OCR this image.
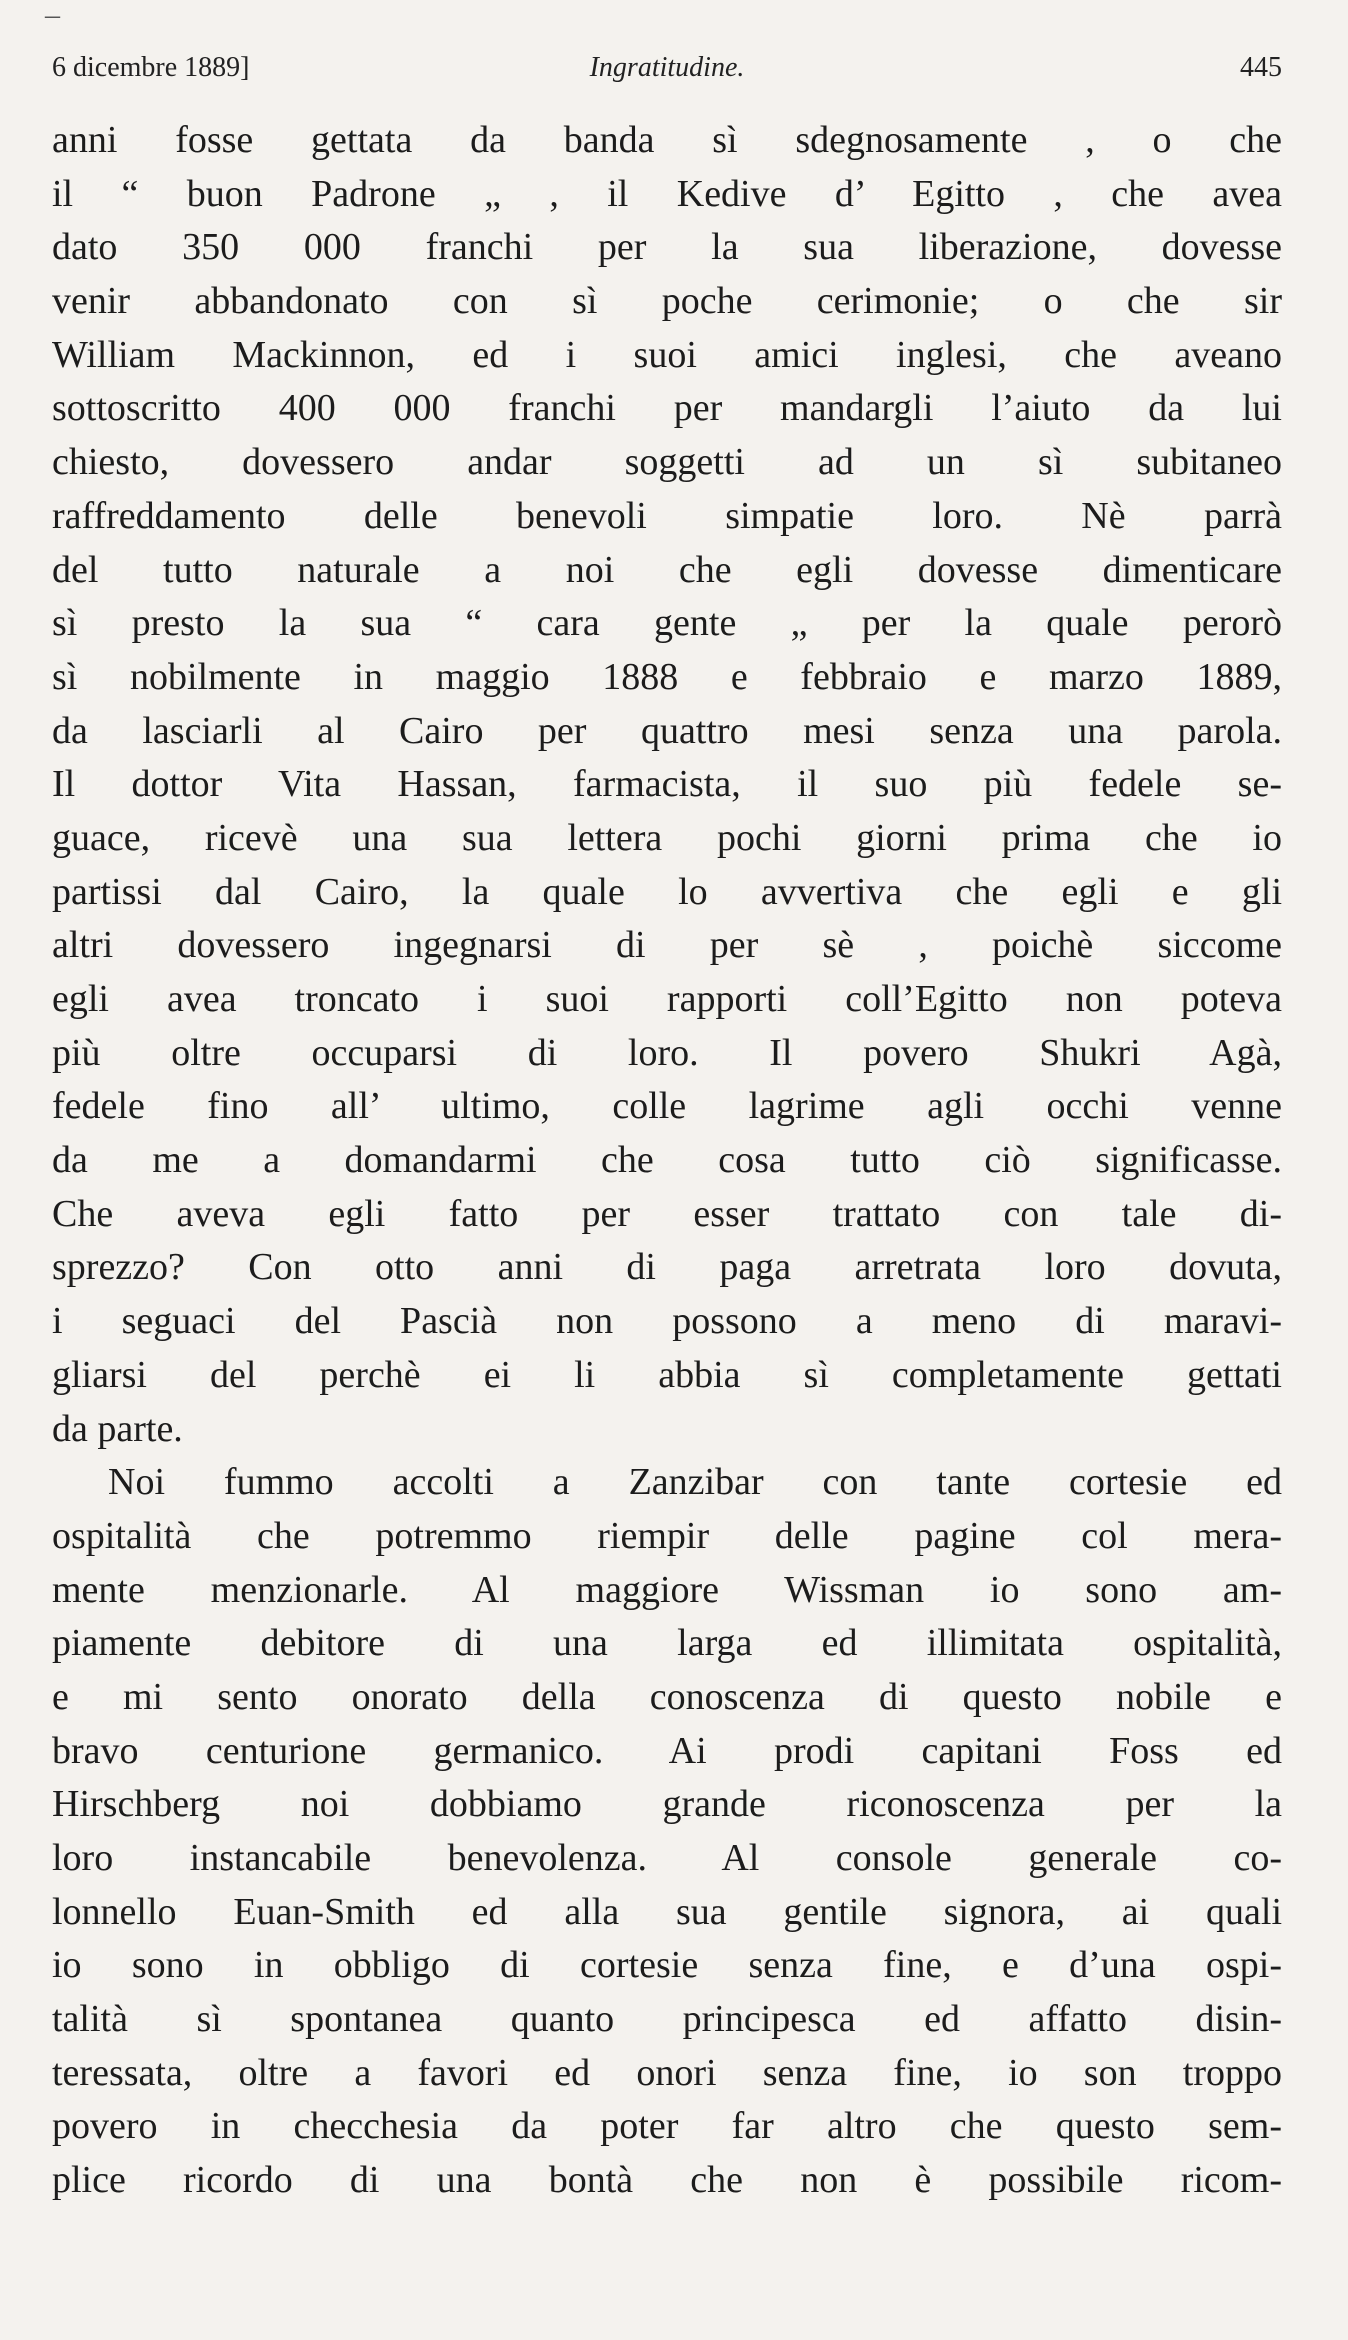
–
6 dicembre 1889]	Ingratitudine.	445
anni fosse gettata da banda sì sdegnosamente , o che
il “ buon Padrone „ , il Kedive d’ Egitto , che avea
dato 350 000 franchi per la sua liberazione, dovesse
venir abbandonato con sì poche cerimonie; o che sir
William Mackinnon, ed i suoi amici inglesi, che aveano
sottoscritto 400 000 franchi per mandargli l’aiuto da lui
chiesto, dovessero andar soggetti ad un sì subitaneo
raffreddamento delle benevoli simpatie loro. Nè parrà
del tutto naturale a noi che egli dovesse dimenticare
sì presto la sua “ cara gente „ per la quale perorò
sì nobilmente in maggio 1888 e febbraio e marzo 1889,
da lasciarli al Cairo per quattro mesi senza una parola.
Il dottor Vita Hassan, farmacista, il suo più fedele se-
guace, ricevè una sua lettera pochi giorni prima che io
partissi dal Cairo, la quale lo avvertiva che egli e gli
altri dovessero ingegnarsi di per sè , poichè siccome
egli avea troncato i suoi rapporti coll’Egitto non poteva
più oltre occuparsi di loro. Il povero Shukri Agà,
fedele fino all’ ultimo, colle lagrime agli occhi venne
da me a domandarmi che cosa tutto ciò significasse.
Che aveva egli fatto per esser trattato con tale di-
sprezzo? Con otto anni di paga arretrata loro dovuta,
i seguaci del Pascià non possono a meno di maravi-
gliarsi del perchè ei li abbia sì completamente gettati
da parte.
Noi fummo accolti a Zanzibar con tante cortesie ed
ospitalità che potremmo riempir delle pagine col mera-
mente menzionarle. Al maggiore Wissman io sono am-
piamente debitore di una larga ed illimitata ospitalità,
e mi sento onorato della conoscenza di questo nobile e
bravo centurione germanico. Ai prodi capitani Foss ed
Hirschberg noi dobbiamo grande riconoscenza per la
loro instancabile benevolenza. Al console generale co-
lonnello Euan-Smith ed alla sua gentile signora, ai quali
io sono in obbligo di cortesie senza fine, e d’una ospi-
talità sì spontanea quanto principesca ed affatto disin-
teressata, oltre a favori ed onori senza fine, io son troppo
povero in checchesia da poter far altro che questo sem-
plice ricordo di una bontà che non è possibile ricom-
